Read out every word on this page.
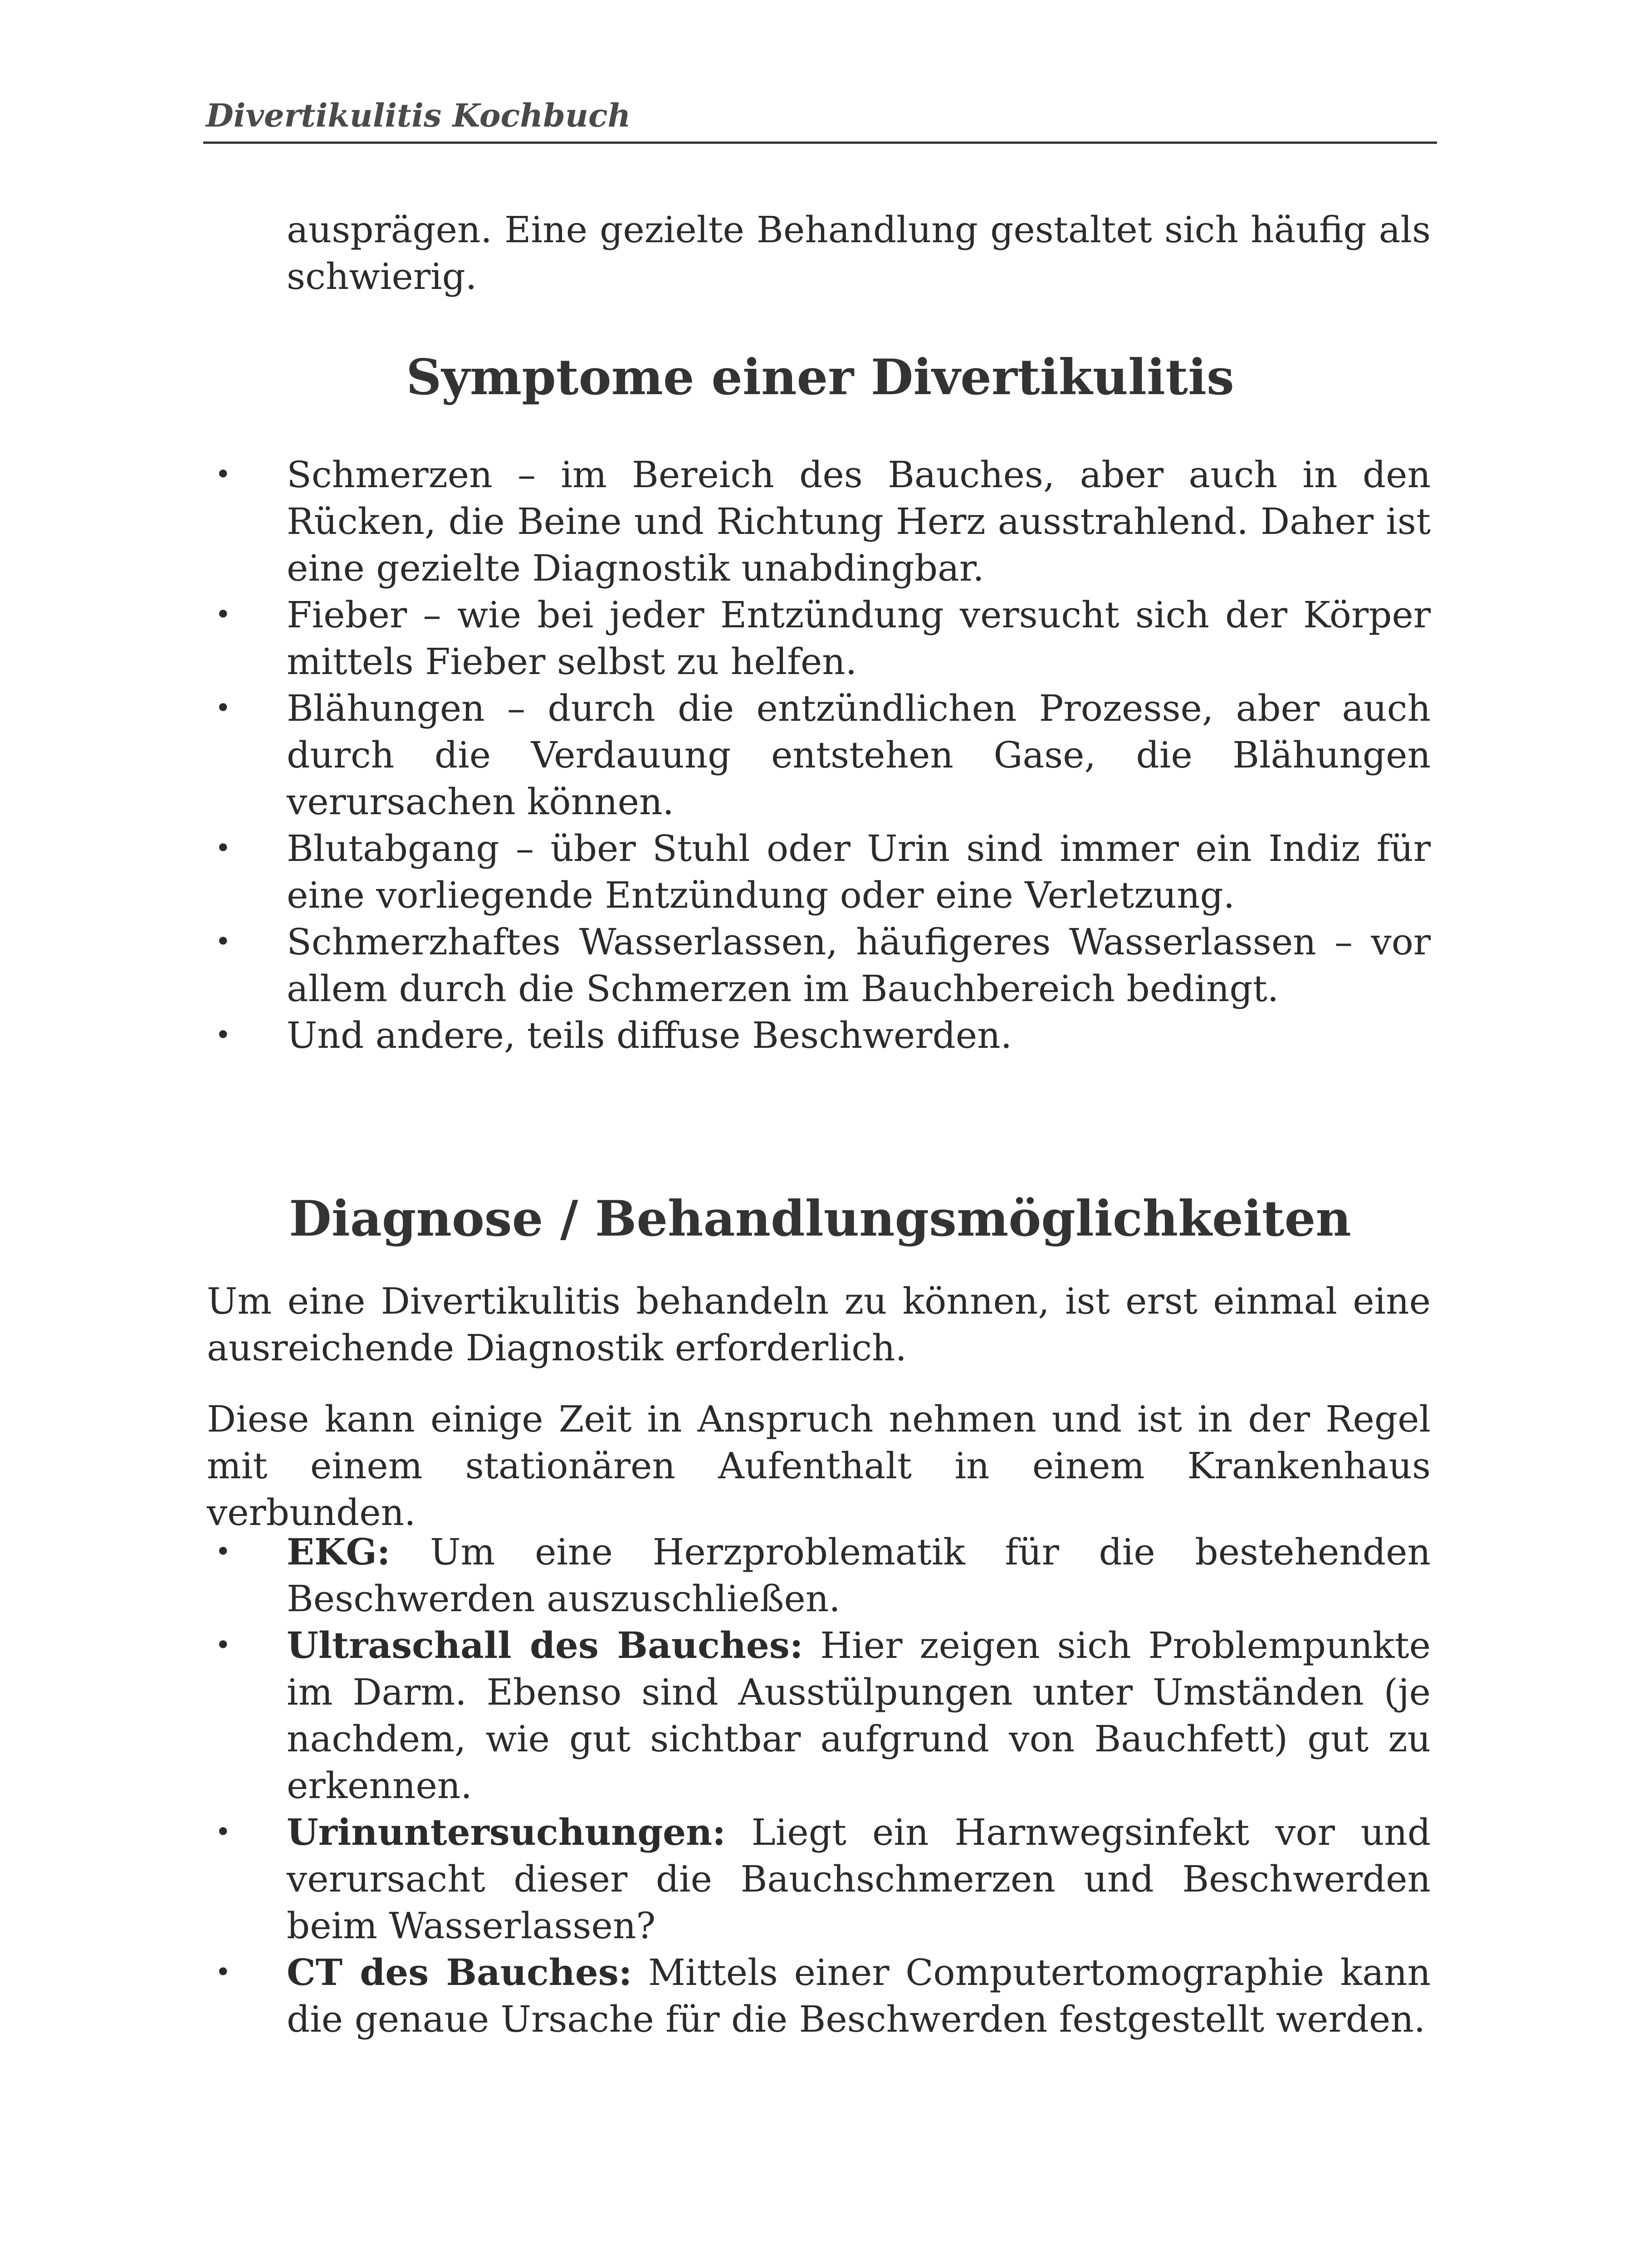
Divertikulitis Kochbuch

ausprägen. Eine gezielte Behandlung gestaltet sich häufig als schwierig.

Symptome einer Divertikulitis
• Schmerzen – im Bereich des Bauches, aber auch in den Rücken, die Beine und Richtung Herz ausstrahlend. Daher ist eine gezielte Diagnostik unabdingbar.

• Fieber – wie bei jeder Entzündung versucht sich der Körper mittels Fieber selbst zu helfen.

• Blähungen – durch die entzündlichen Prozesse, aber auch durch die Verdauung entstehen Gase, die Blähungen verursachen können.

• Blutabgang – über Stuhl oder Urin sind immer ein Indiz für eine vorliegende Entzündung oder eine Verletzung.

• Schmerzhaftes Wasserlassen, häufigeres Wasserlassen – vor allem durch die Schmerzen im Bauchbereich bedingt.

• Und andere, teils diffuse Beschwerden.

Diagnose / Behandlungsmöglichkeiten

Um eine Divertikulitis behandeln zu können, ist erst einmal eine ausreichende Diagnostik erforderlich.

Diese kann einige Zeit in Anspruch nehmen und ist in der Regel mit einem stationären Aufenthalt in einem Krankenhaus verbunden.

• EKG: Um eine Herzproblematik für die bestehenden Beschwerden auszuschließen.

• Ultraschall des Bauches: Hier zeigen sich Problempunkte im Darm. Ebenso sind Ausstülpungen unter Umständen (je nachdem, wie gut sichtbar aufgrund von Bauchfett) gut zu erkennen.

• Urinuntersuchungen: Liegt ein Harnwegsinfekt vor und verursacht dieser die Bauchschmerzen und Beschwerden beim Wasserlassen?

• CT des Bauches: Mittels einer Computertomographie kann die genaue Ursache für die Beschwerden festgestellt werden.
